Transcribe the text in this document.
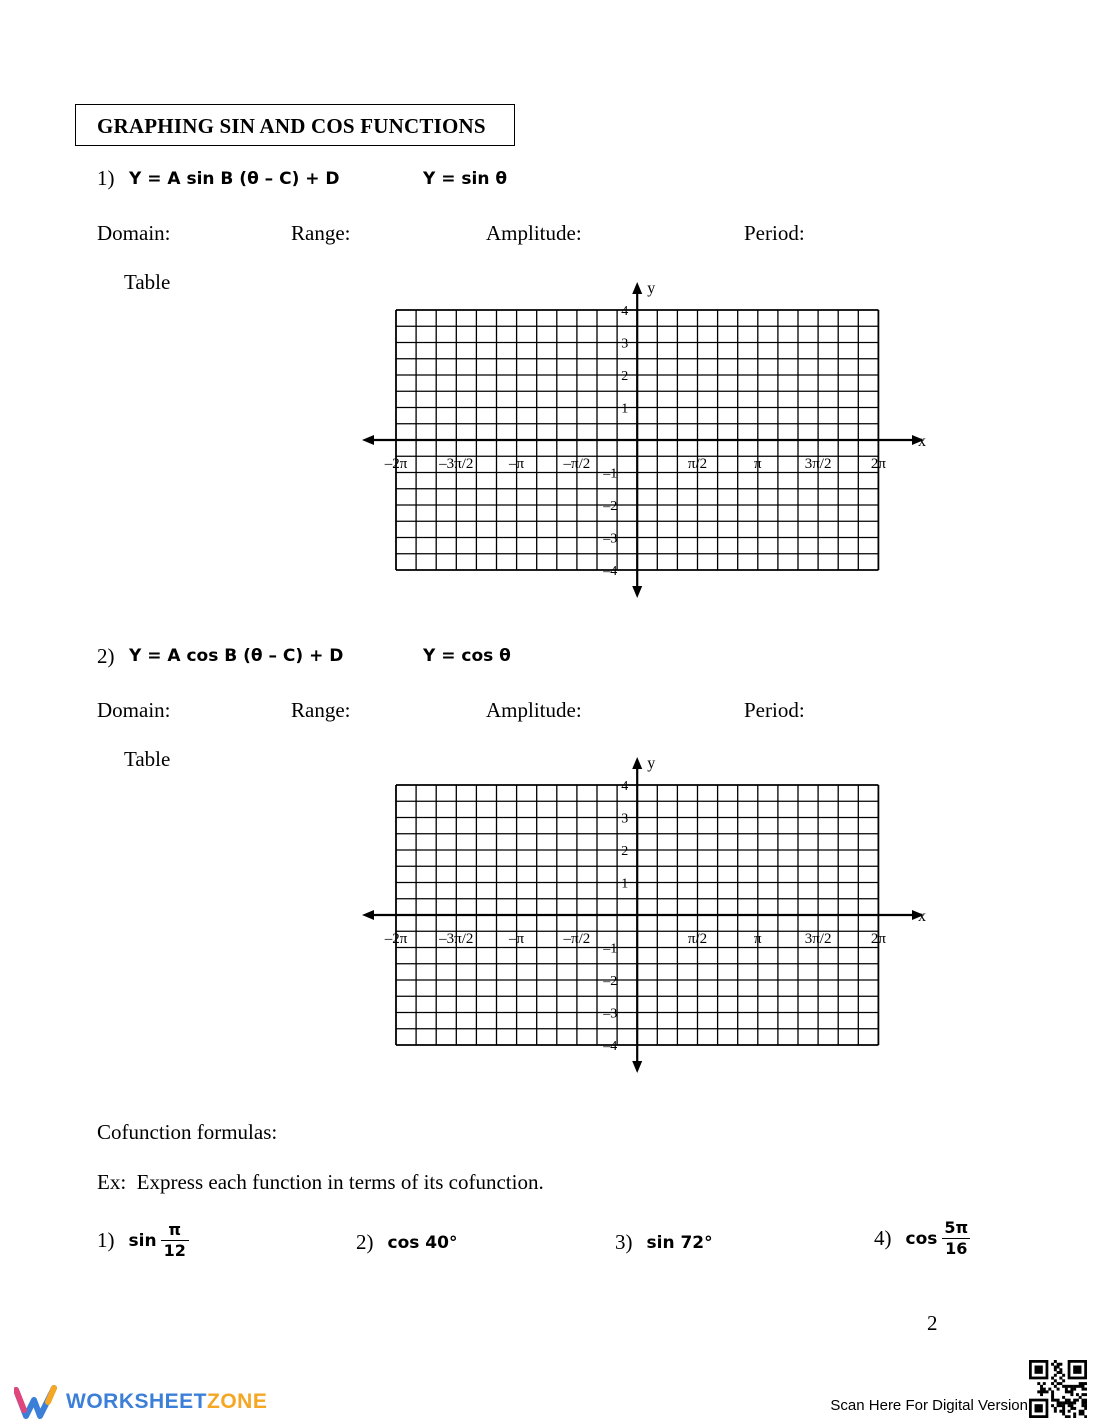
GRAPHING SIN AND COS FUNCTIONS
1) Y = A sin B (θ – C) + D	Y = sin θ
Domain:	Range:	Amplitude:	Period:
Table
x
y
–2π –3π/2 –π	–π/2	π/2	π	3π/2	2π
4
3
2
1
–1
–2
–3
–4
2) Y = A cos B (θ – C) + D	Y = cos θ
Domain:	Range:	Amplitude:	Period:
Table
x
y
–2π –3π/2 –π	–π/2	π/2	π	3π/2	2π
4
3
2
1
–1
–2
–3
–4
Cofunction formulas:
Ex:  Express each function in terms of its cofunction.
1) $\sin \frac{\pi}{12}$	2) cos 40°	3) sin 72°	4) $\cos \frac{5\pi}{16}$
2
WORKSHEETZONE	Scan Here For Digital Version
